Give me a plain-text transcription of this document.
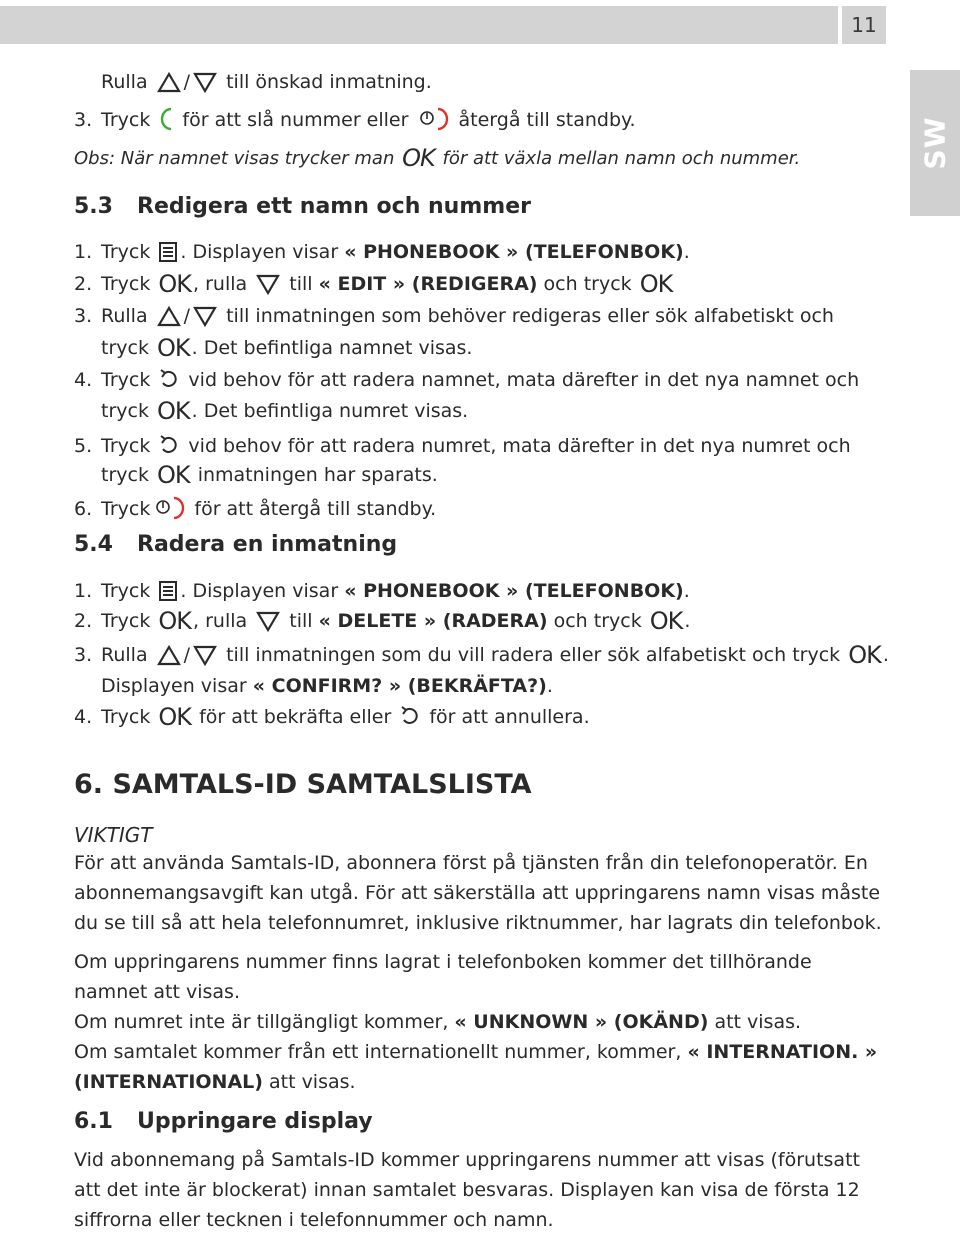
11
SW
Rulla / till önskad inmatning.
3. Tryck för att slå nummer eller	återgå till standby.
Obs: När namnet visas trycker man OK för att växla mellan namn och nummer.
5.3 Redigera ett namn och nummer
1. Tryck . Displayen visar « PHONEBOOK » (TELEFONBOK).
2. Tryck OK , rulla till « EDIT » (REDIGERA) och tryck OK
3. Rulla / till inmatningen som behöver redigeras eller sök alfabetiskt och
tryck OK . Det befintliga namnet visas.
4. Tryck vid behov för att radera namnet, mata därefter in det nya namnet och
tryck OK . Det befintliga numret visas.
5. Tryck vid behov för att radera numret, mata därefter in det nya numret och
tryck OK inmatningen har sparats.
6. Tryck för att återgå till standby.
5.4 Radera en inmatning
1. Tryck . Displayen visar « PHONEBOOK » (TELEFONBOK).
2. Tryck OK , rulla till « DELETE » (RADERA) och tryck OK .
3. Rulla / till inmatningen som du vill radera eller sök alfabetiskt och tryck OK .
Displayen visar « CONFIRM? » (BEKRÄFTA?).
4. Tryck OK för att bekräfta eller för att annullera.
6. SAMTALS-ID SAMTALSLISTA
VIKTIGT
För att använda Samtals-ID, abonnera först på tjänsten från din telefonoperatör. En
abonnemangsavgift kan utgå. För att säkerställa att uppringarens namn visas måste
du se till så att hela telefonnumret, inklusive riktnummer, har lagrats din telefonbok.
Om uppringarens nummer finns lagrat i telefonboken kommer det tillhörande
namnet att visas.
Om numret inte är tillgängligt kommer, « UNKNOWN » (OKÄND) att visas.
Om samtalet kommer från ett internationellt nummer, kommer, « INTERNATION. »
(INTERNATIONAL) att visas.
6.1 Uppringare display
Vid abonnemang på Samtals-ID kommer uppringarens nummer att visas (förutsatt
att det inte är blockerat) innan samtalet besvaras. Displayen kan visa de första 12
siffrorna eller tecknen i telefonnummer och namn.
